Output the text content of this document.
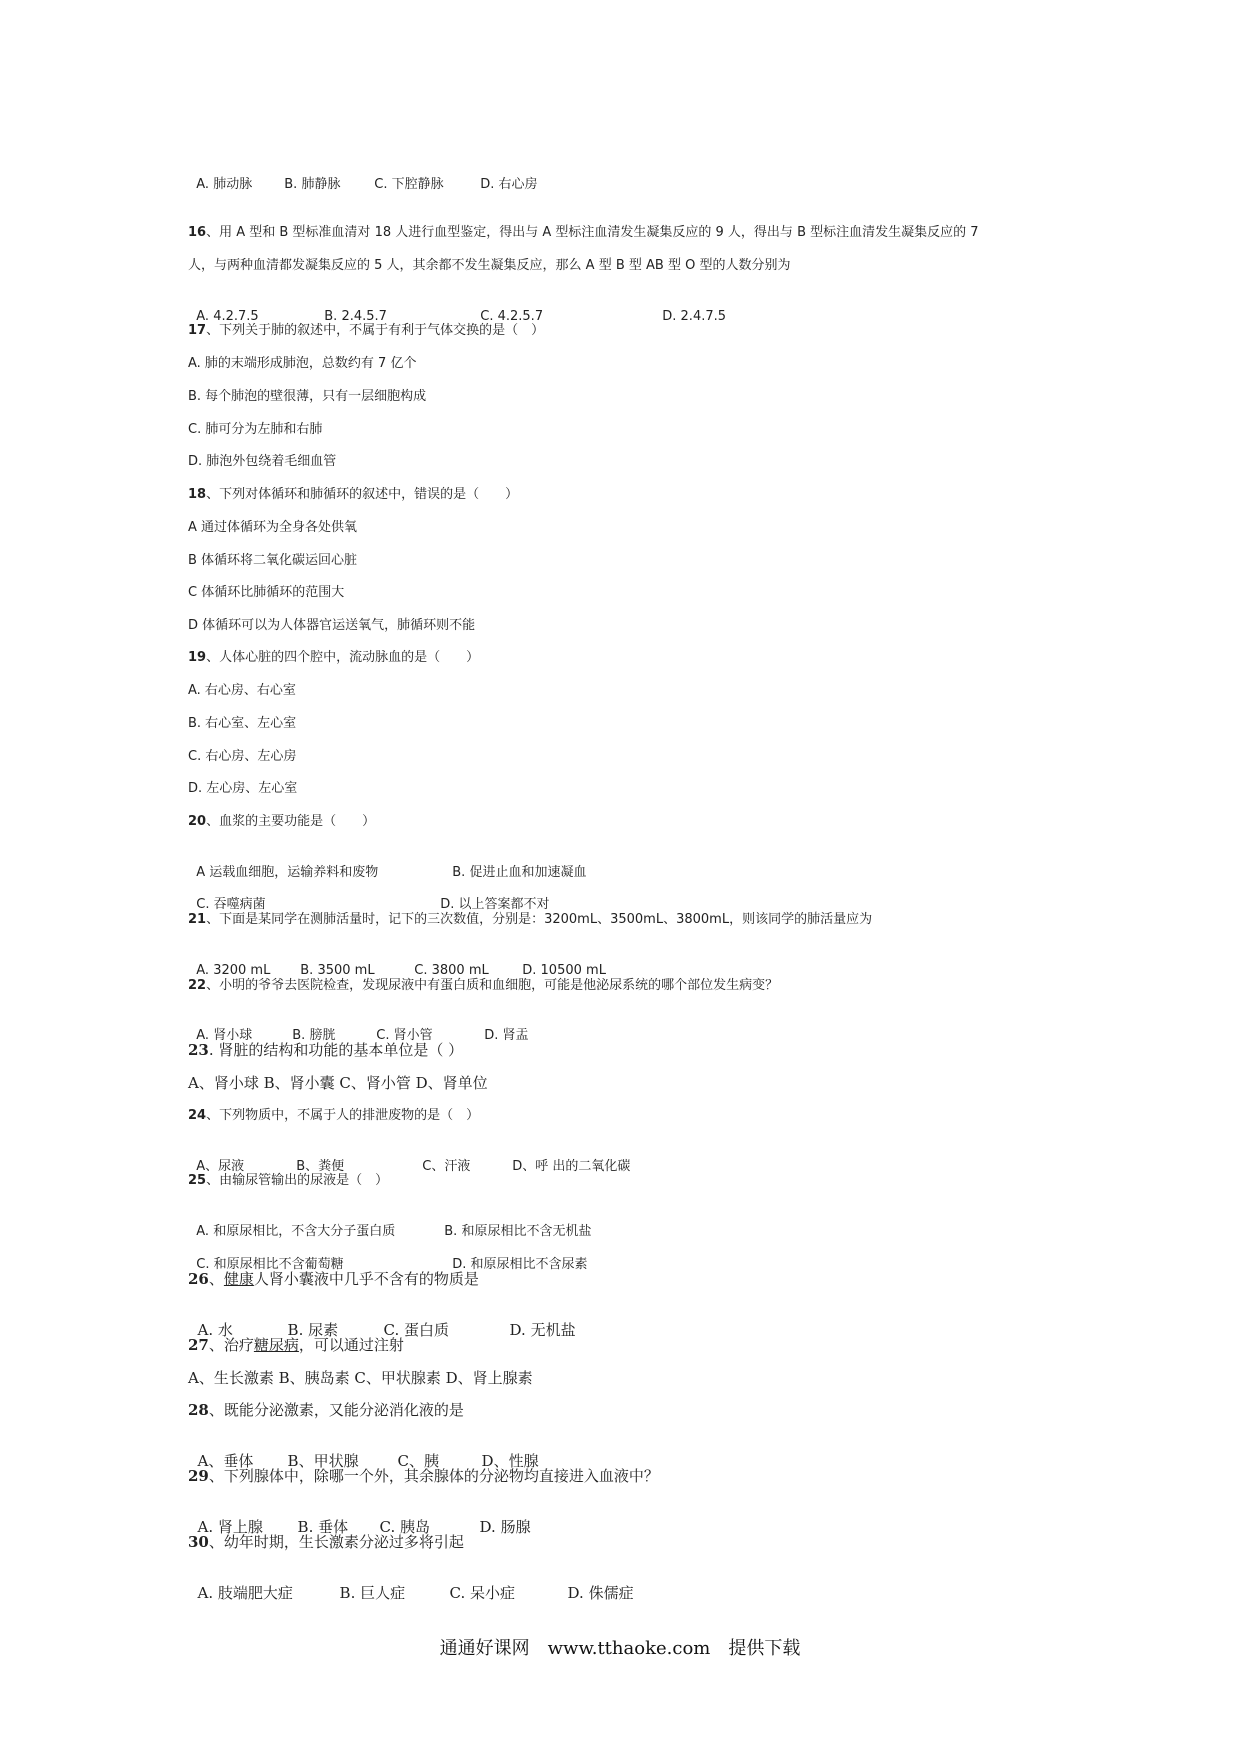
A. 肺动脉 B. 肺静脉	C. 下腔静脉	D. 右心房

16、用 A 型和 B 型标准血清对 18 人进行血型鉴定，得出与 A 型标注血清发生凝集反应的 9 人，得出与 B 型标注血清发生凝集反应的 7
人，与两种血清都发凝集反应的 5 人，其余都不发生凝集反应，那么 A 型 B 型 AB 型 O 型的人数分别为

A. 4.2.7.5	B. 2.4.5.7	C. 4.2.5.7	D. 2.4.7.5

17、下列关于肺的叙述中，不属于有利于气体交换的是（　）
A. 肺的末端形成肺泡，总数约有 7 亿个
B. 每个肺泡的壁很薄，只有一层细胞构成
C. 肺可分为左肺和右肺
D. 肺泡外包绕着毛细血管
18、下列对体循环和肺循环的叙述中，错误的是（　　）
A 通过体循环为全身各处供氧
B 体循环将二氧化碳运回心脏
C 体循环比肺循环的范围大
D 体循环可以为人体器官运送氧气，肺循环则不能
19、人体心脏的四个腔中，流动脉血的是（　　）
A. 右心房、右心室
B. 右心室、左心室
C. 右心房、左心房
D. 左心房、左心室
20、血浆的主要功能是（　　）

A 运载血细胞，运输养料和废物	B. 促进止血和加速凝血

C. 吞噬病菌	D. 以上答案都不对

21、下面是某同学在测肺活量时，记下的三次数值，分别是：3200mL、3500mL、3800mL，则该同学的肺活量应为

A. 3200 mL B. 3500 mL	C. 3800 mL	D. 10500 mL

22、小明的爷爷去医院检查，发现尿液中有蛋白质和血细胞，可能是他泌尿系统的哪个部位发生病变？

A. 肾小球	B. 膀胱	C. 肾小管	D. 肾盂

23. 肾脏的结构和功能的基本单位是（ ）
A、肾小球 B、肾小囊 C、肾小管 D、肾单位
24、下列物质中，不属于人的排泄废物的是（　）

A、尿液	B、粪便	C、汗液	D、呼 出的二氧化碳

25、由输尿管输出的尿液是（　）

A. 和原尿相比，不含大分子蛋白质	B. 和原尿相比不含无机盐

C. 和原尿相比不含葡萄糖	D. 和原尿相比不含尿素

26、健康人肾小囊液中几乎不含有的物质是

A. 水	B. 尿素	C. 蛋白质	D. 无机盐

27、治疗糖尿病，可以通过注射
A、生长激素 B、胰岛素 C、甲状腺素 D、肾上腺素
28、既能分泌激素，又能分泌消化液的是

A、垂体 B、甲状腺	C、胰	D、性腺

29、下列腺体中，除哪一个外，其余腺体的分泌物均直接进入血液中？

A. 肾上腺 B. 垂体 C. 胰岛	D. 肠腺

30、幼年时期，生长激素分泌过多将引起

A. 肢端肥大症	B. 巨人症	C. 呆小症	D. 侏儒症

通通好课网　www.tthaoke.com　提供下载
